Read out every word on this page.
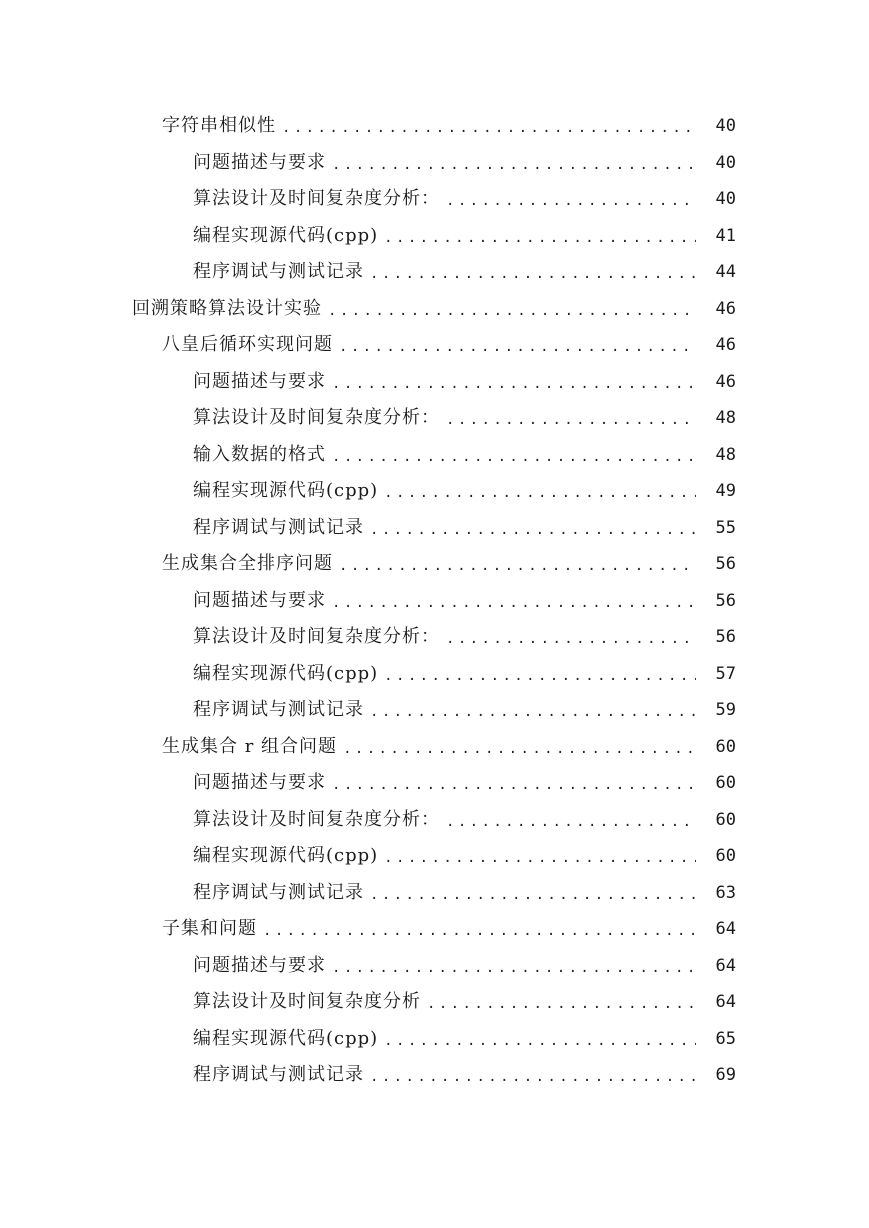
字符串相似性 .....	40
问题描述与要求 .....	40
算法设计及时间复杂度分析： .....	40
编程实现源代码(cpp) .....	41
程序调试与测试记录 .....	44
回溯策略算法设计实验 .....	46
八皇后循环实现问题 .....	46
问题描述与要求 .....	46
算法设计及时间复杂度分析： .....	48
输入数据的格式 .....	48
编程实现源代码(cpp) .....	49
程序调试与测试记录 .....	55
生成集合全排序问题 .....	56
问题描述与要求 .....	56
算法设计及时间复杂度分析： .....	56
编程实现源代码(cpp) .....	57
程序调试与测试记录 .....	59
生成集合 r 组合问题 .....	60
问题描述与要求 .....	60
算法设计及时间复杂度分析： .....	60
编程实现源代码(cpp) .....	60
程序调试与测试记录 .....	63
子集和问题 .....	64
问题描述与要求 .....	64
算法设计及时间复杂度分析 .....	64
编程实现源代码(cpp) .....	65
程序调试与测试记录 .....	69
